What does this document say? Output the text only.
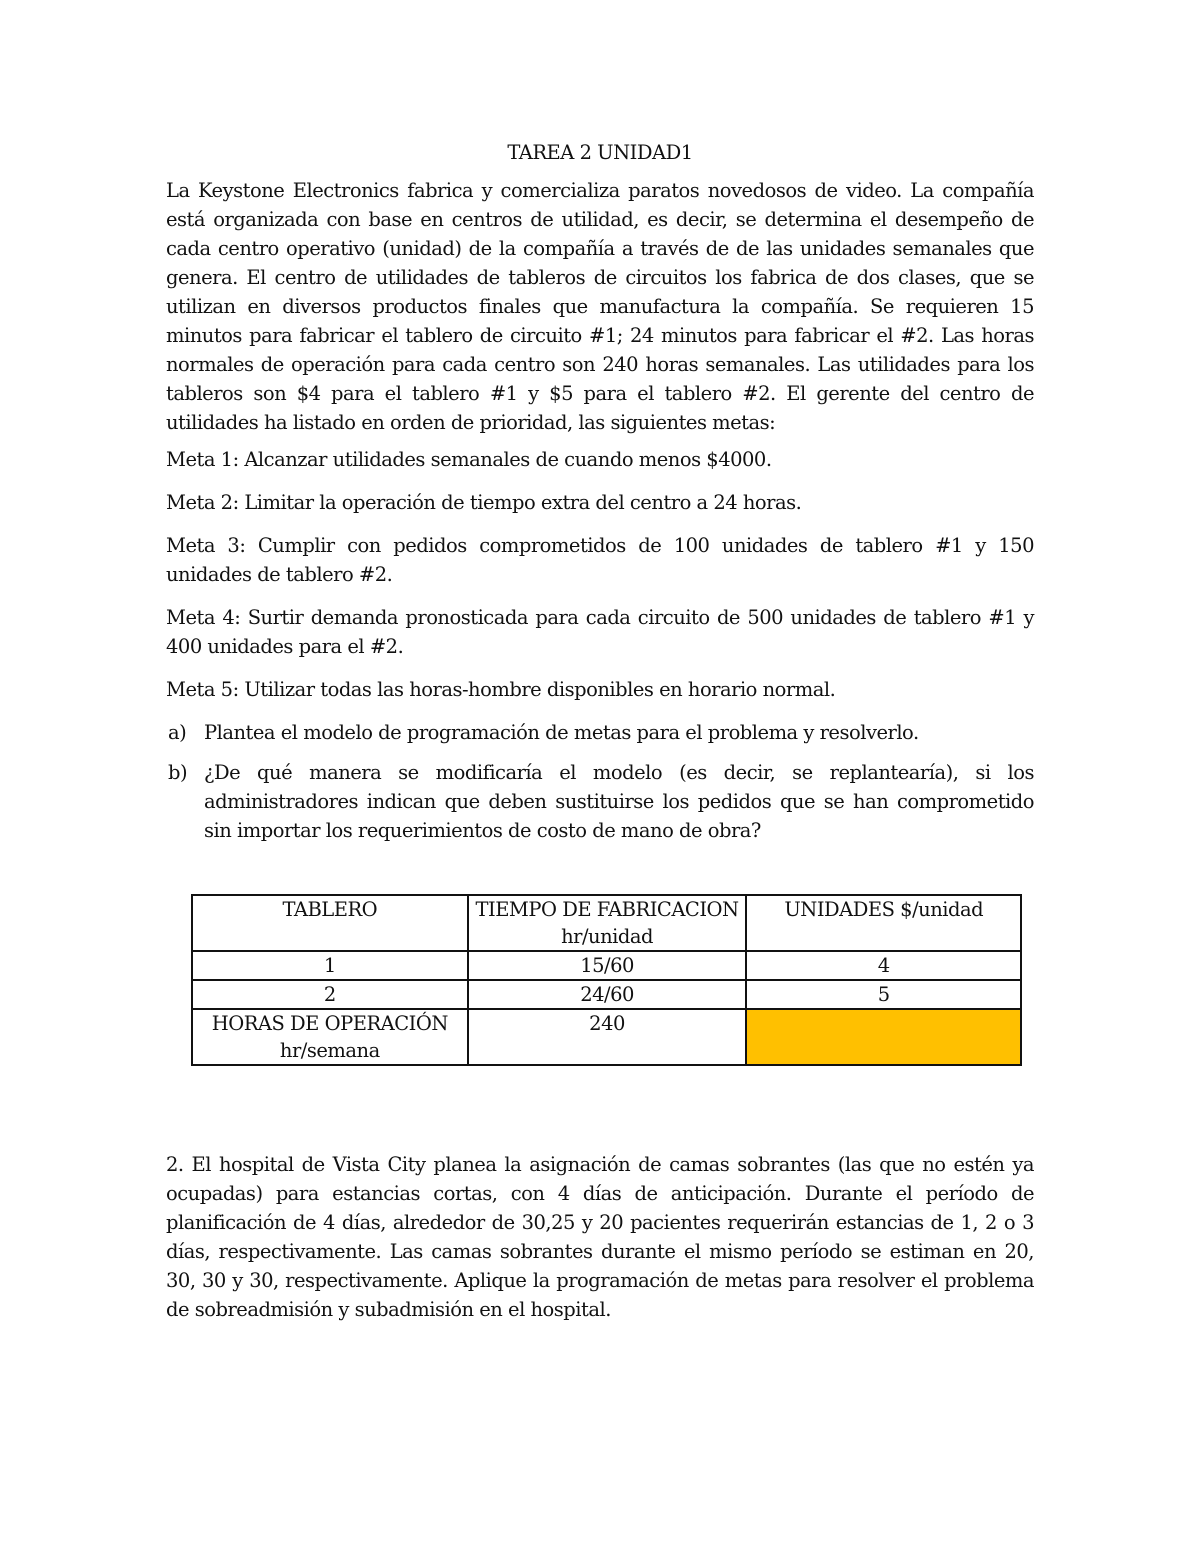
TAREA 2 UNIDAD1

La Keystone Electronics fabrica y comercializa paratos novedosos de video. La compañía está organizada con base en centros de utilidad, es decir, se determina el desempeño de cada centro operativo (unidad) de la compañía a través de de las unidades semanales que genera. El centro de utilidades de tableros de circuitos los fabrica de dos clases, que se utilizan en diversos productos finales que manufactura la compañía. Se requieren 15 minutos para fabricar el tablero de circuito #1; 24 minutos para fabricar el #2. Las horas normales de operación para cada centro son 240 horas semanales. Las utilidades para los tableros son $4 para el tablero #1 y $5 para el tablero #2. El gerente del centro de utilidades ha listado en orden de prioridad, las siguientes metas:

Meta 1: Alcanzar utilidades semanales de cuando menos $4000.

Meta 2: Limitar la operación de tiempo extra del centro a 24 horas.

Meta 3: Cumplir con pedidos comprometidos de 100 unidades de tablero #1 y 150 unidades de tablero #2.

Meta 4: Surtir demanda pronosticada para cada circuito de 500 unidades de tablero #1 y 400 unidades para el #2.

Meta 5: Utilizar todas las horas-hombre disponibles en horario normal.

a) Plantea el modelo de programación de metas para el problema y resolverlo.
b) ¿De qué manera se modificaría el modelo (es decir, se replantearía), si los administradores indican que deben sustituirse los pedidos que se han comprometido sin importar los requerimientos de costo de mano de obra?
TABLERO	TIEMPO DE FABRICACION hr/unidad	UNIDADES $/unidad
1	15/60	4
2	24/60	5
HORAS DE OPERACIÓN hr/semana	240	

2. El hospital de Vista City planea la asignación de camas sobrantes (las que no estén ya ocupadas) para estancias cortas, con 4 días de anticipación. Durante el período de planificación de 4 días, alrededor de 30,25 y 20 pacientes requerirán estancias de 1, 2 o 3 días, respectivamente. Las camas sobrantes durante el mismo período se estiman en 20, 30, 30 y 30, respectivamente. Aplique la programación de metas para resolver el problema de sobreadmisión y subadmisión en el hospital.
